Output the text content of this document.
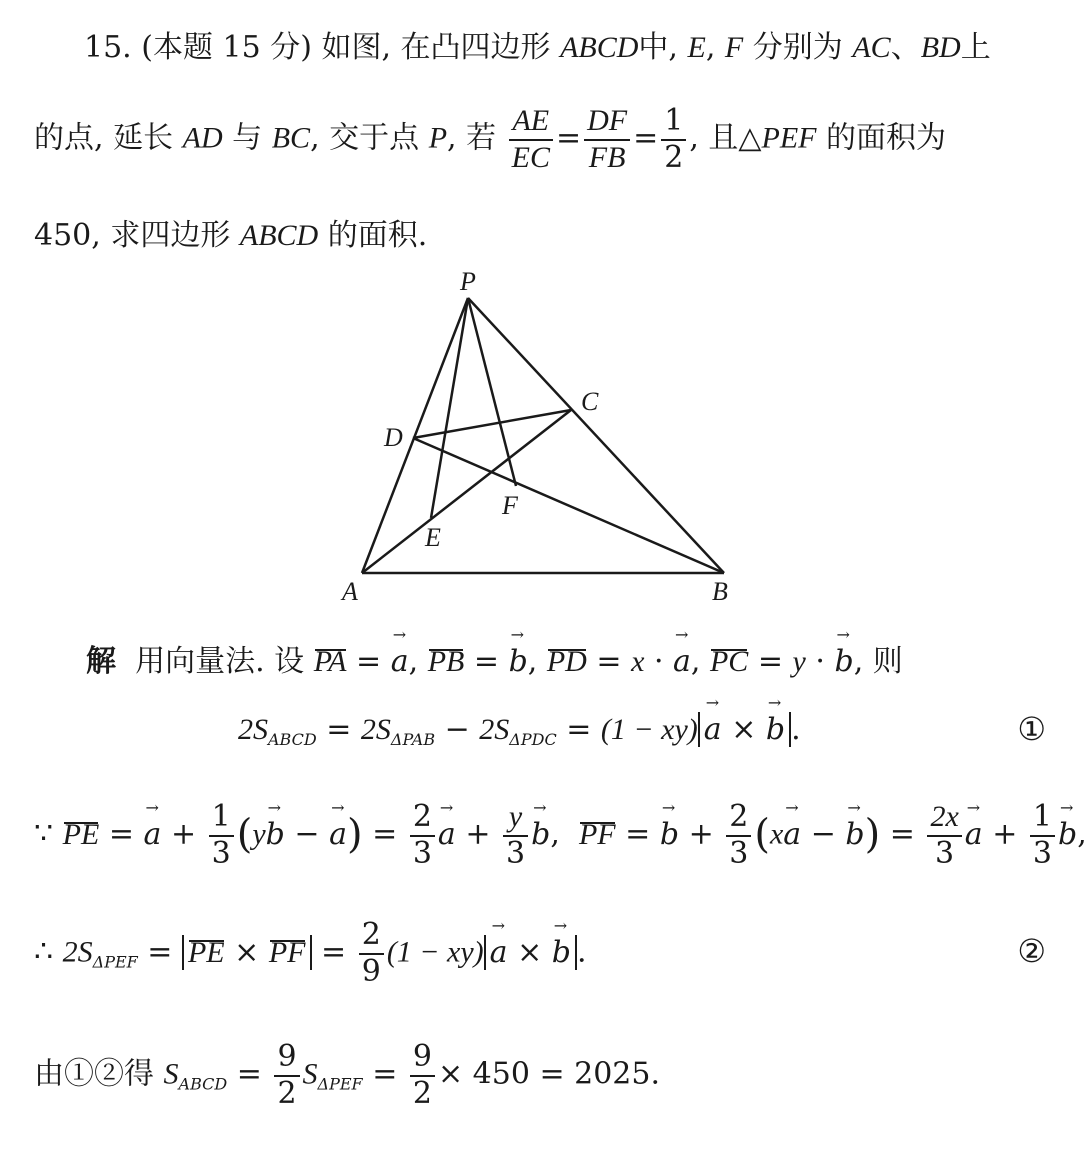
15. (本题 15 分) 如图, 在凸四边形 ABCD中, E, F 分别为 AC、BD上
的点, 延长 AD 与 BC, 交于点 P, 若 $\frac{AE}{EC} = \frac{DF}{FB} = \frac{1}{2}$ , 且△PEF 的面积为
450, 求四边形 ABCD 的面积.
P
C
D
F
E
A	B
解 用向量法. 设 PA = → a, PB = → b, PD = x · → a, PC = y · → b, 则
$2S_{ABCD} = 2S_{\Delta PAB} - 2S_{\Delta PDC} = (1 - xy)\to a$ × → b .	①
∵ PE = → $a + \frac{1}{3} (y\to b$ − → $a) = \frac{2}{3}$
→ $a + \frac{y}{3}$
→ b,  PF = → $b + \frac{2}{3} (x\to a$ − → $b) = \frac{2x}{3}$
→ $a + \frac{1}{3}$
→ b,
∴ $2S_{\Delta PEF}$ = PE × PF = $\frac{2}{9} (1 - xy)\to a$ × → b .	②
由①②得 $S_{ABCD} = \frac{9}{2} S_{\Delta PEF} = \frac{9}{2} \times 450 = 2025$.
